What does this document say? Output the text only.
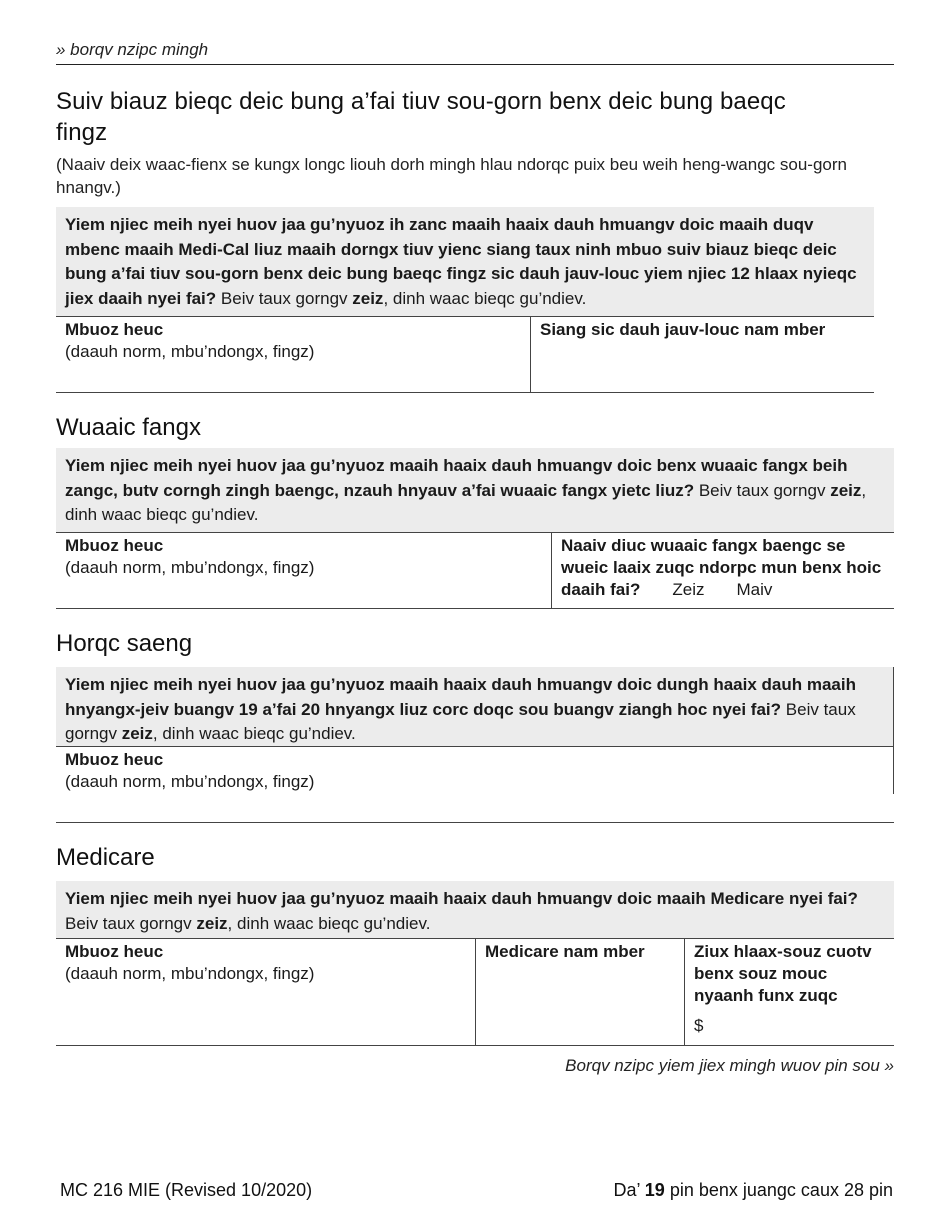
» borqv nzipc mingh
Suiv biauz bieqc deic bung a’fai tiuv sou-gorn benx deic bung baeqc fingz
(Naaiv deix waac-fienx se kungx longc liouh dorh mingh hlau ndorqc puix beu weih heng-wangc sou-gorn hnangv.)
Yiem njiec meih nyei huov jaa gu’nyuoz ih zanc maaih haaix dauh hmuangv doic maaih duqv mbenc maaih Medi-Cal liuz maaih dorngx tiuv yienc siang taux ninh mbuo suiv biauz bieqc deic bung a’fai tiuv sou-gorn benx deic bung baeqc fingz sic dauh jauv-louc yiem njiec 12 hlaax nyieqc jiex daaih nyei fai? Beiv taux gorngv zeiz, dinh waac bieqc gu’ndiev.
Mbuoz heuc
(daauh norm, mbu’ndongx, fingz)
Siang sic dauh jauv-louc nam mber
Wuaaic fangx
Yiem njiec meih nyei huov jaa gu’nyuoz maaih haaix dauh hmuangv doic benx wuaaic fangx beih zangc, butv corngh zingh baengc, nzauh hnyauv a’fai wuaaic fangx yietc liuz? Beiv taux gorngv zeiz, dinh waac bieqc gu’ndiev.
Mbuoz heuc
(daauh norm, mbu’ndongx, fingz)
Naaiv diuc wuaaic fangx baengc se wueic laaix zuqc ndorpc mun benx hoic daaih fai? Zeiz Maiv
Horqc saeng
Yiem njiec meih nyei huov jaa gu’nyuoz maaih haaix dauh hmuangv doic dungh haaix dauh maaih hnyangx-jeiv buangv 19 a’fai 20 hnyangx liuz corc doqc sou buangv ziangh hoc nyei fai? Beiv taux gorngv zeiz, dinh waac bieqc gu’ndiev.
Mbuoz heuc
(daauh norm, mbu’ndongx, fingz)
Medicare
Yiem njiec meih nyei huov jaa gu’nyuoz maaih haaix dauh hmuangv doic maaih Medicare nyei fai?
Beiv taux gorngv zeiz, dinh waac bieqc gu’ndiev.
Mbuoz heuc
(daauh norm, mbu’ndongx, fingz)
Medicare nam mber	Ziux hlaax-souz cuotv benx souz mouc nyaanh funx zuqc
$
Borqv nzipc yiem jiex mingh wuov pin sou »
MC 216 MIE (Revised 10/2020)	Da’ 19 pin benx juangc caux 28 pin
